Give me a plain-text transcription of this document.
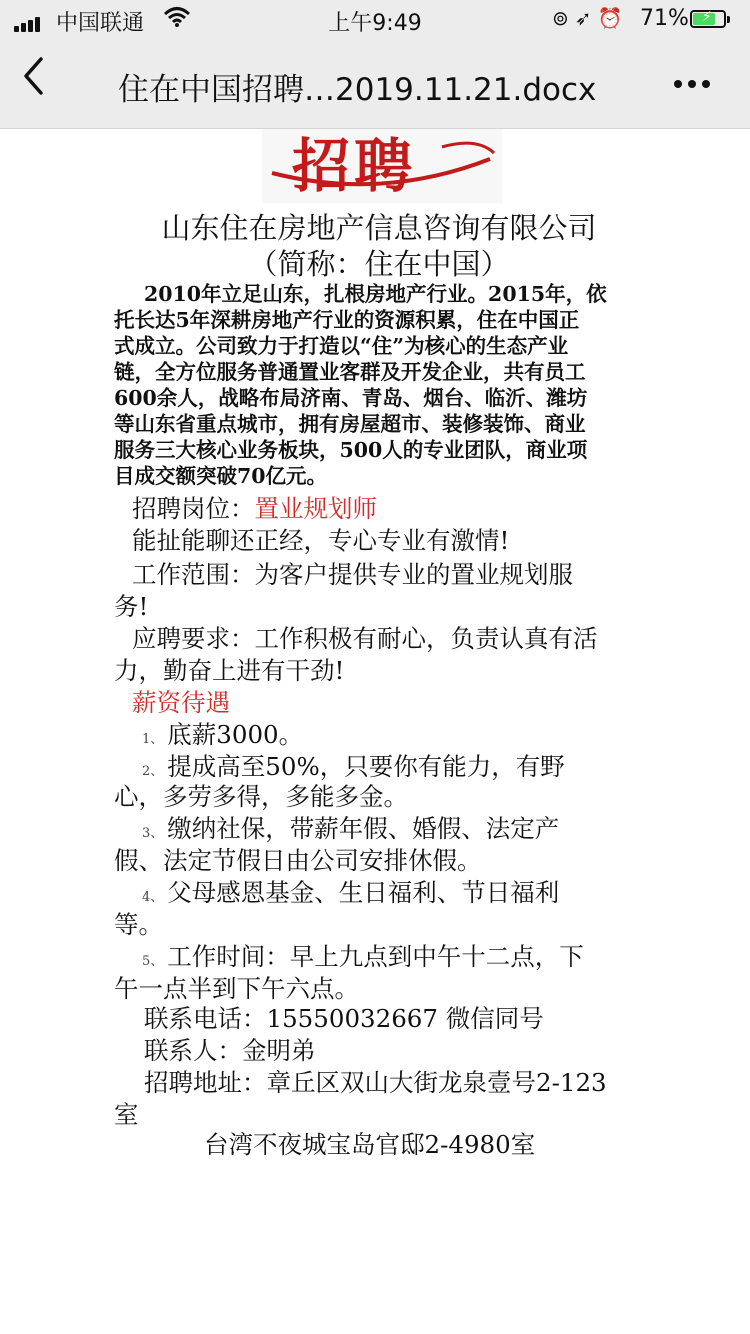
中国联通	上午9:49	⊚➶⏰ 71% ⚡
住在中国招聘…2019.11.21.docx
招聘
山东住在房地产信息咨询有限公司
（简称：住在中国）
2010年立足山东，扎根房地产行业。2015年，依
托长达5年深耕房地产行业的资源积累，住在中国正
式成立。公司致力于打造以“住”为核心的生态产业
链，全方位服务普通置业客群及开发企业，共有员工
600余人，战略布局济南、青岛、烟台、临沂、潍坊
等山东省重点城市，拥有房屋超市、装修装饰、商业
服务三大核心业务板块，500人的专业团队，商业项
目成交额突破70亿元。
招聘岗位：置业规划师
能扯能聊还正经，专心专业有激情!
工作范围：为客户提供专业的置业规划服
务!
应聘要求：工作积极有耐心，负责认真有活
力，勤奋上进有干劲!
薪资待遇
1、 底薪3000。
2、 提成高至50%，只要你有能力，有野
心，多劳多得，多能多金。
3、 缴纳社保，带薪年假、婚假、法定产
假、法定节假日由公司安排休假。
4、 父母感恩基金、生日福利、节日福利
等。
5、 工作时间：早上九点到中午十二点，下
午一点半到下午六点。
联系电话：15550032667 微信同号
联系人：金明弟
招聘地址：章丘区双山大街龙泉壹号2-123
室
台湾不夜城宝岛官邸2-4980室
